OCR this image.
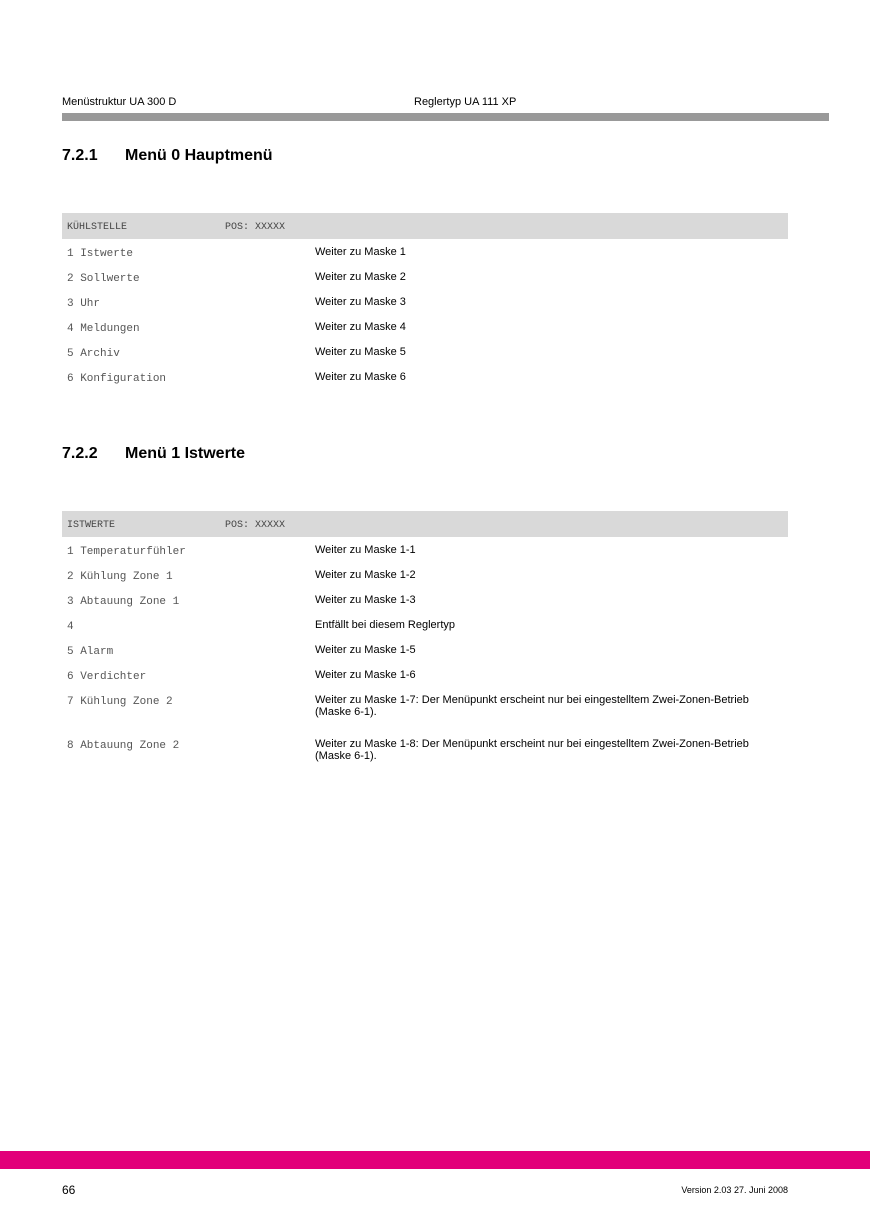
Menüstruktur UA 300 D	Reglertyp UA 111 XP
7.2.1 Menü 0 Hauptmenü
KÜHLSTELLE	POS: XXXXX
1 Istwerte	Weiter zu Maske 1
2 Sollwerte	Weiter zu Maske 2
3 Uhr	Weiter zu Maske 3
4 Meldungen	Weiter zu Maske 4
5 Archiv	Weiter zu Maske 5
6 Konfiguration	Weiter zu Maske 6
7.2.2 Menü 1 Istwerte
ISTWERTE	POS: XXXXX
1 Temperaturfühler	Weiter zu Maske 1-1
2 Kühlung Zone 1	Weiter zu Maske 1-2
3 Abtauung Zone 1	Weiter zu Maske 1-3
4	Entfällt bei diesem Reglertyp
5 Alarm	Weiter zu Maske 1-5
6 Verdichter	Weiter zu Maske 1-6
7 Kühlung Zone 2	Weiter zu Maske 1-7: Der Menüpunkt erscheint nur bei eingestelltem Zwei-Zonen-Betrieb (Maske 6-1).
8 Abtauung Zone 2	Weiter zu Maske 1-8: Der Menüpunkt erscheint nur bei eingestelltem Zwei-Zonen-Betrieb (Maske 6-1).
66	Version 2.03 27. Juni 2008
